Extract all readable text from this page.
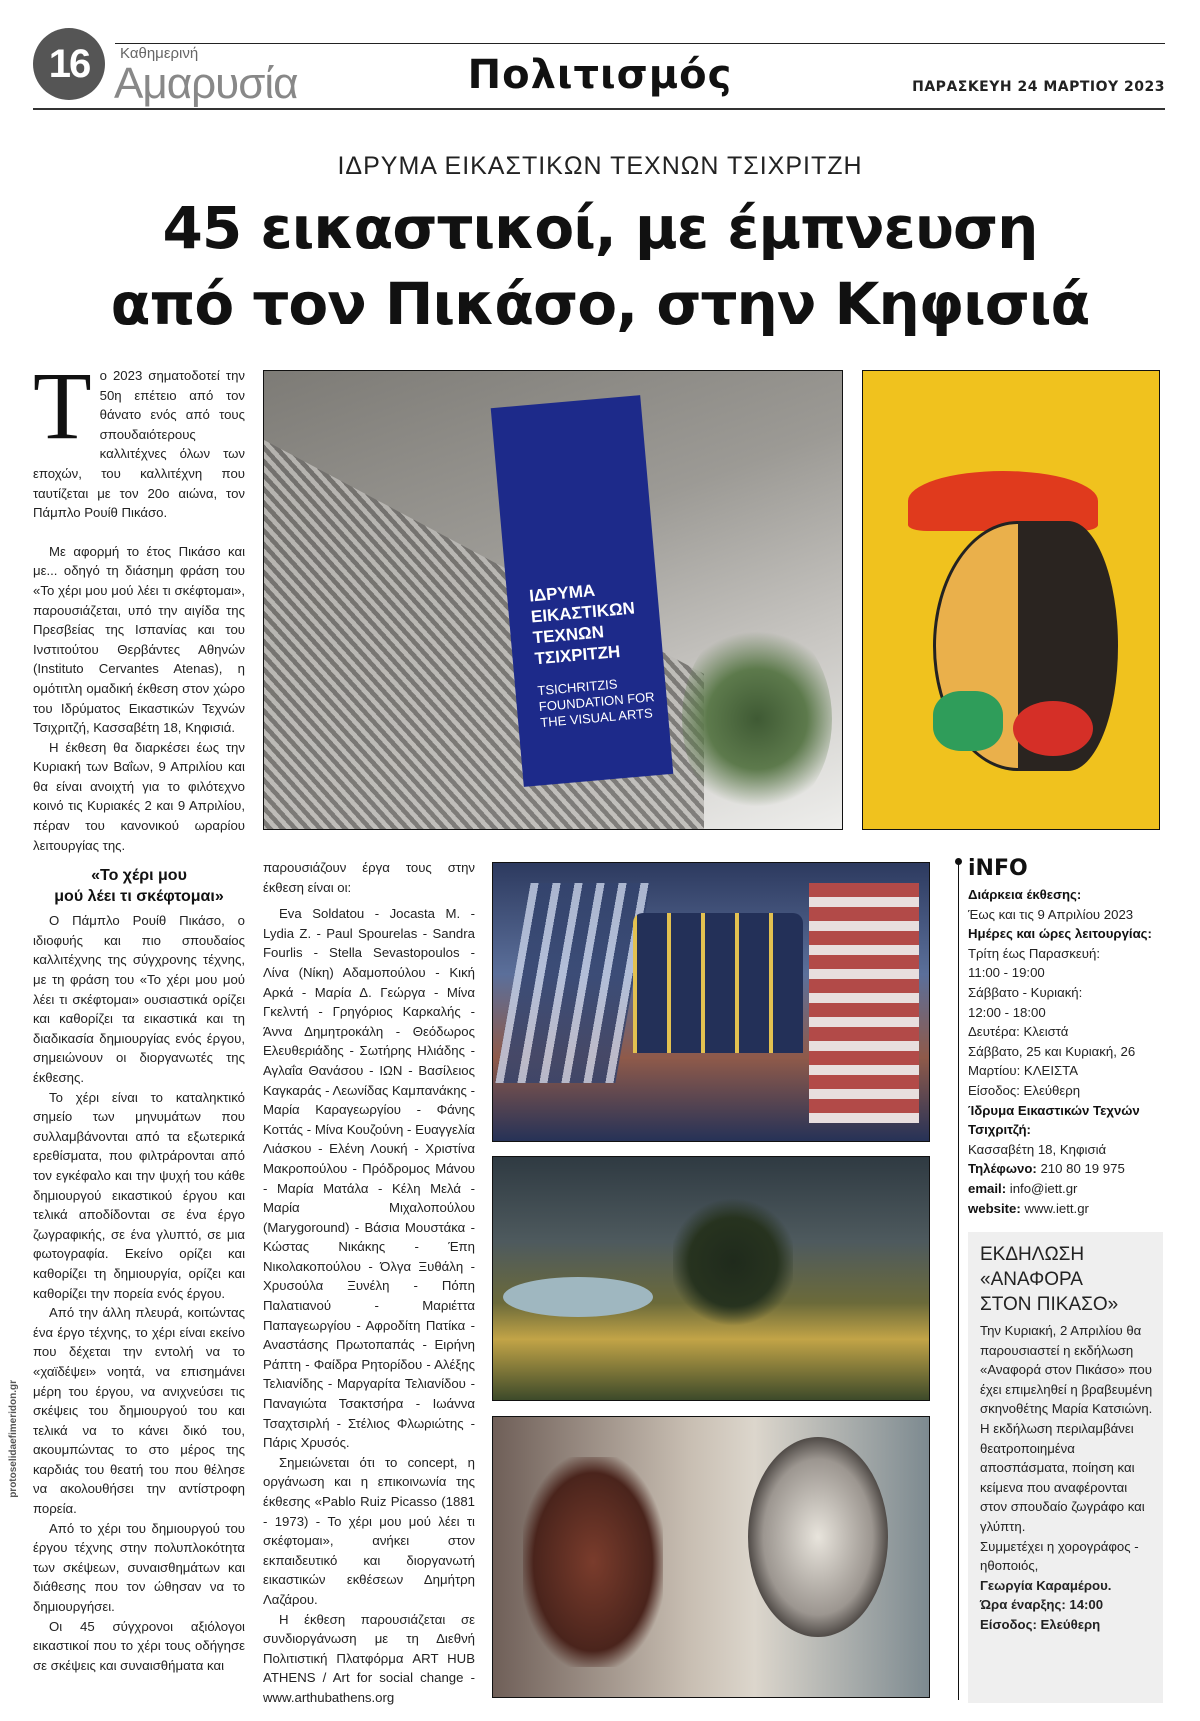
16	Καθημερινή
Αμαρυσία	Πολιτισμός	ΠΑΡΑΣΚΕΥΗ 24 ΜΑΡΤΙΟΥ 2023
ΙΔΡΥΜΑ ΕΙΚΑΣΤΙΚΩΝ ΤΕΧΝΩΝ ΤΣΙΧΡΙΤΖΗ
45 εικαστικοί, με έμπνευση
από τον Πικάσο, στην Κηφισιά
Τ ο 2023 σηματοδοτεί την 50η επέτειο από τον θάνατο ενός από τους σπουδαιότερους καλλιτέχνες όλων των εποχών, του καλλιτέχνη που ταυτίζεται με τον 20ο αιώνα, τον Πάμπλο Ρουίθ Πικάσο.

Με αφορμή το έτος Πικάσο και με... οδηγό τη διάσημη φράση του «Το χέρι μου μού λέει τι σκέφτομαι», παρουσιάζεται, υπό την αιγίδα της Πρεσβείας της Ισπανίας και του Ινστιτούτου Θερβάντες Αθηνών (Instituto Cervantes Atenas), η ομότιτλη ομαδική έκθεση στον χώρο του Ιδρύματος Εικαστικών Τεχνών Τσιχριτζή, Κασσαβέτη 18, Κηφισιά.

Η έκθεση θα διαρκέσει έως την Κυριακή των Βαΐων, 9 Απριλίου και θα είναι ανοιχτή για το φιλότεχνο κοινό τις Κυριακές 2 και 9 Απριλίου, πέραν του κανονικού ωραρίου λειτουργίας της.

«Το χέρι μου
μού λέει τι σκέφτομαι»

Ο Πάμπλο Ρουίθ Πικάσο, ο ιδιοφυής και πιο σπουδαίος καλλιτέχνης της σύγχρονης τέχνης, με τη φράση του «Το χέρι μου μού λέει τι σκέφτομαι» ουσιαστικά ορίζει και καθορίζει τα εικαστικά και τη διαδικασία δημιουργίας ενός έργου, σημειώνουν οι διοργανωτές της έκθεσης.

Το χέρι είναι το καταληκτικό σημείο των μηνυμάτων που συλλαμβάνονται από τα εξωτερικά ερεθίσματα, που φιλτράρονται από τον εγκέφαλο και την ψυχή του κάθε δημιουργού εικαστικού έργου και τελικά αποδίδονται σε ένα έργο ζωγραφικής, σε ένα γλυπτό, σε μια φωτογραφία. Εκείνο ορίζει και καθορίζει τη δημιουργία, ορίζει και καθορίζει την πορεία ενός έργου.

Από την άλλη πλευρά, κοιτώντας ένα έργο τέχνης, το χέρι είναι εκείνο που δέχεται την εντολή να το «χαϊδέψει» νοητά, να επισημάνει μέρη του έργου, να ανιχνεύσει τις σκέψεις του δημιουργού του και τελικά να το κάνει δικό του, ακουμπώντας το στο μέρος της καρδιάς του θεατή του που θέλησε να ακολουθήσει την αντίστροφη πορεία.

Από το χέρι του δημιουργού του έργου τέχνης στην πολυπλοκότητα των σκέψεων, συναισθημάτων και διάθεσης που τον ώθησαν να το δημιουργήσει.

Οι 45 σύγχρονοι αξιόλογοι εικαστικοί που το χέρι τους οδήγησε σε σκέψεις και συναισθήματα και

ΙΔΡΥΜΑ ΕΙΚΑΣΤΙΚΩΝ ΤΕΧΝΩΝ ΤΣΙΧΡΙΤΖΗ
TSICHRITZIS FOUNDATION FOR THE VISUAL ARTS

παρουσιάζουν έργα τους στην έκθεση είναι οι:

Eva Soldatou - Jocasta M. - Lydia Z. - Paul Spourelas - Sandra Fourlis - Stella Sevastopoulos - Λίνα (Νίκη) Αδαμοπούλου - Κική Αρκά - Μαρία Δ. Γεώργα - Μίνα Γκελντή - Γρηγόριος Καρκαλής - Άννα Δημητροκάλη - Θεόδωρος Ελευθεριάδης - Σωτήρης Ηλιάδης - Αγλαΐα Θανάσου - ΙΩΝ - Βασίλειος Καγκαράς - Λεωνίδας Καμπανάκης - Μαρία Καραγεωργίου - Φάνης Κοττάς - Μίνα Κουζούνη - Ευαγγελία Λιάσκου - Ελένη Λουκή - Χριστίνα Μακροπούλου - Πρόδρομος Μάνου - Μαρία Ματάλα - Κέλη Μελά - Μαρία Μιχαλοπούλου (Marygoround) - Βάσια Μουστάκα - Κώστας Νικάκης - Έπη Νικολακοπούλου - Όλγα Ξυθάλη - Χρυσούλα Ξυνέλη - Πόπη Παλατιανού - Μαριέττα Παπαγεωργίου - Αφροδίτη Πατίκα - Αναστάσης Πρωτοπαπάς - Ειρήνη Ράπτη - Φαίδρα Ρητορίδου - Αλέξης Τελιανίδης - Μαργαρίτα Τελιανίδου - Παναγιώτα Τσακτσήρα - Ιωάννα Τσαχτσιρλή - Στέλιος Φλωριώτης - Πάρις Χρυσός.

Σημειώνεται ότι το concept, η οργάνωση και η επικοινωνία της έκθεσης «Pablo Ruiz Picasso (1881 - 1973) - Το χέρι μου μού λέει τι σκέφτομαι», ανήκει στον εκπαιδευτικό και διοργανωτή εικαστικών εκθέσεων Δημήτρη Λαζάρου.

Η έκθεση παρουσιάζεται σε συνδιοργάνωση με τη Διεθνή Πολιτιστική Πλατφόρμα ART HUB ATHENS / Art for social change - www.arthubathens.org

iNFO
Διάρκεια έκθεσης:
Έως και τις 9 Απριλίου 2023
Ημέρες και ώρες λειτουργίας:
Τρίτη έως Παρασκευή:
11:00 - 19:00
Σάββατο - Κυριακή:
12:00 - 18:00
Δευτέρα: Κλειστά
Σάββατο, 25 και Κυριακή, 26 Μαρτίου: ΚΛΕΙΣΤΑ
Είσοδος: Ελεύθερη
Ίδρυμα Εικαστικών Τεχνών Τσιχριτζή:
Κασσαβέτη 18, Κηφισιά
Τηλέφωνο: 210 80 19 975
email: info@iett.gr
website: www.iett.gr
ΕΚΔΗΛΩΣΗ
«ΑΝΑΦΟΡΑ
ΣΤΟΝ ΠΙΚΑΣΟ»
Την Κυριακή, 2 Απριλίου θα παρουσιαστεί η εκδήλωση «Αναφορά στον Πικάσο» που έχει επιμεληθεί η βραβευμένη σκηνοθέτης Μαρία Κατσιώνη. Η εκδήλωση περιλαμβάνει θεατροποιημένα αποσπάσματα, ποίηση και κείμενα που αναφέρονται στον σπουδαίο ζωγράφο και γλύπτη.
Συμμετέχει η χορογράφος - ηθοποιός,
Γεωργία Καραμέρου.
Ώρα έναρξης: 14:00
Είσοδος: Ελεύθερη
protoselidaefimeridon.gr
